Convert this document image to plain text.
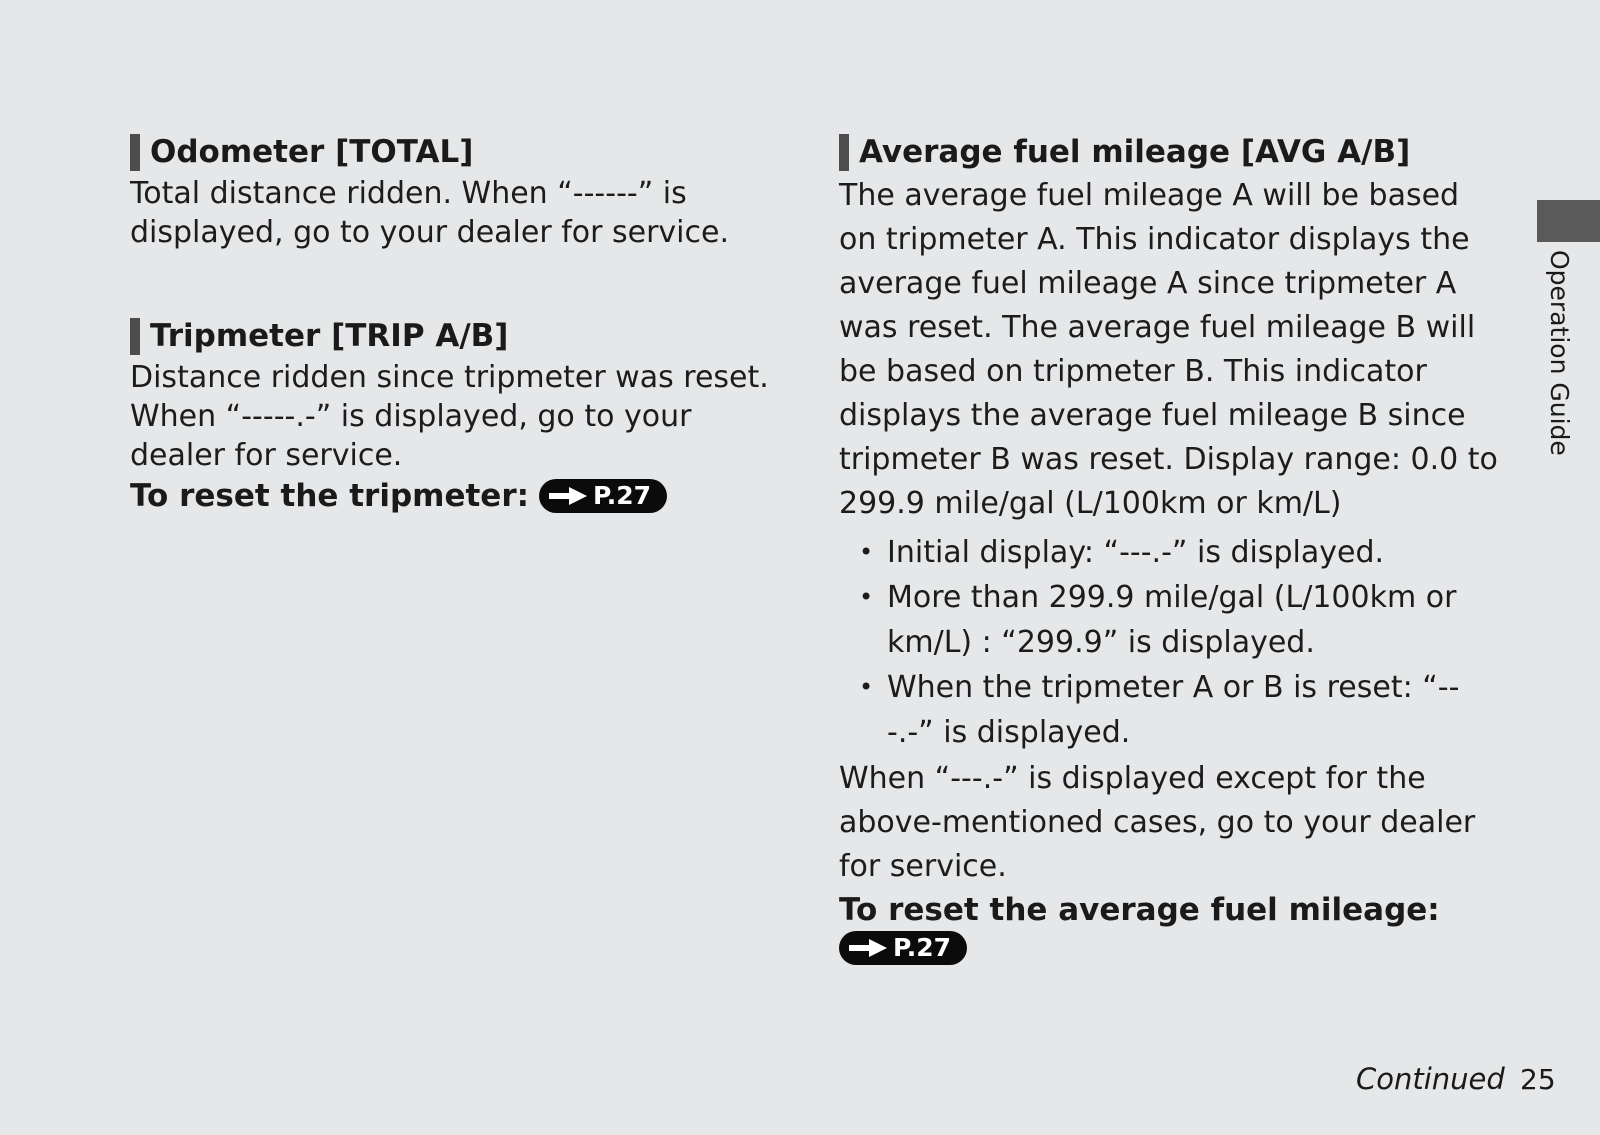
Odometer [TOTAL]

Total distance ridden. When “------” is displayed, go to your dealer for service.

Tripmeter [TRIP A/B]

Distance ridden since tripmeter was reset. When “-----.-” is displayed, go to your dealer for service.

To reset the tripmeter:	P.27
Average fuel mileage [AVG A/B]

The average fuel mileage A will be based on tripmeter A. This indicator displays the average fuel mileage A since tripmeter A was reset. The average fuel mileage B will be based on tripmeter B. This indicator displays the average fuel mileage B since tripmeter B was reset. Display range: 0.0 to 299.9 mile/gal (L/100km or km/L)

• Initial display: “---.-” is displayed.
• More than 299.9 mile/gal (L/100km or km/L) : “299.9” is displayed.
• When the tripmeter A or B is reset: “---.-” is displayed.

When “---.-” is displayed except for the above-mentioned cases, go to your dealer for service.

To reset the average fuel mileage:
P.27
Operation Guide
Continued 25
